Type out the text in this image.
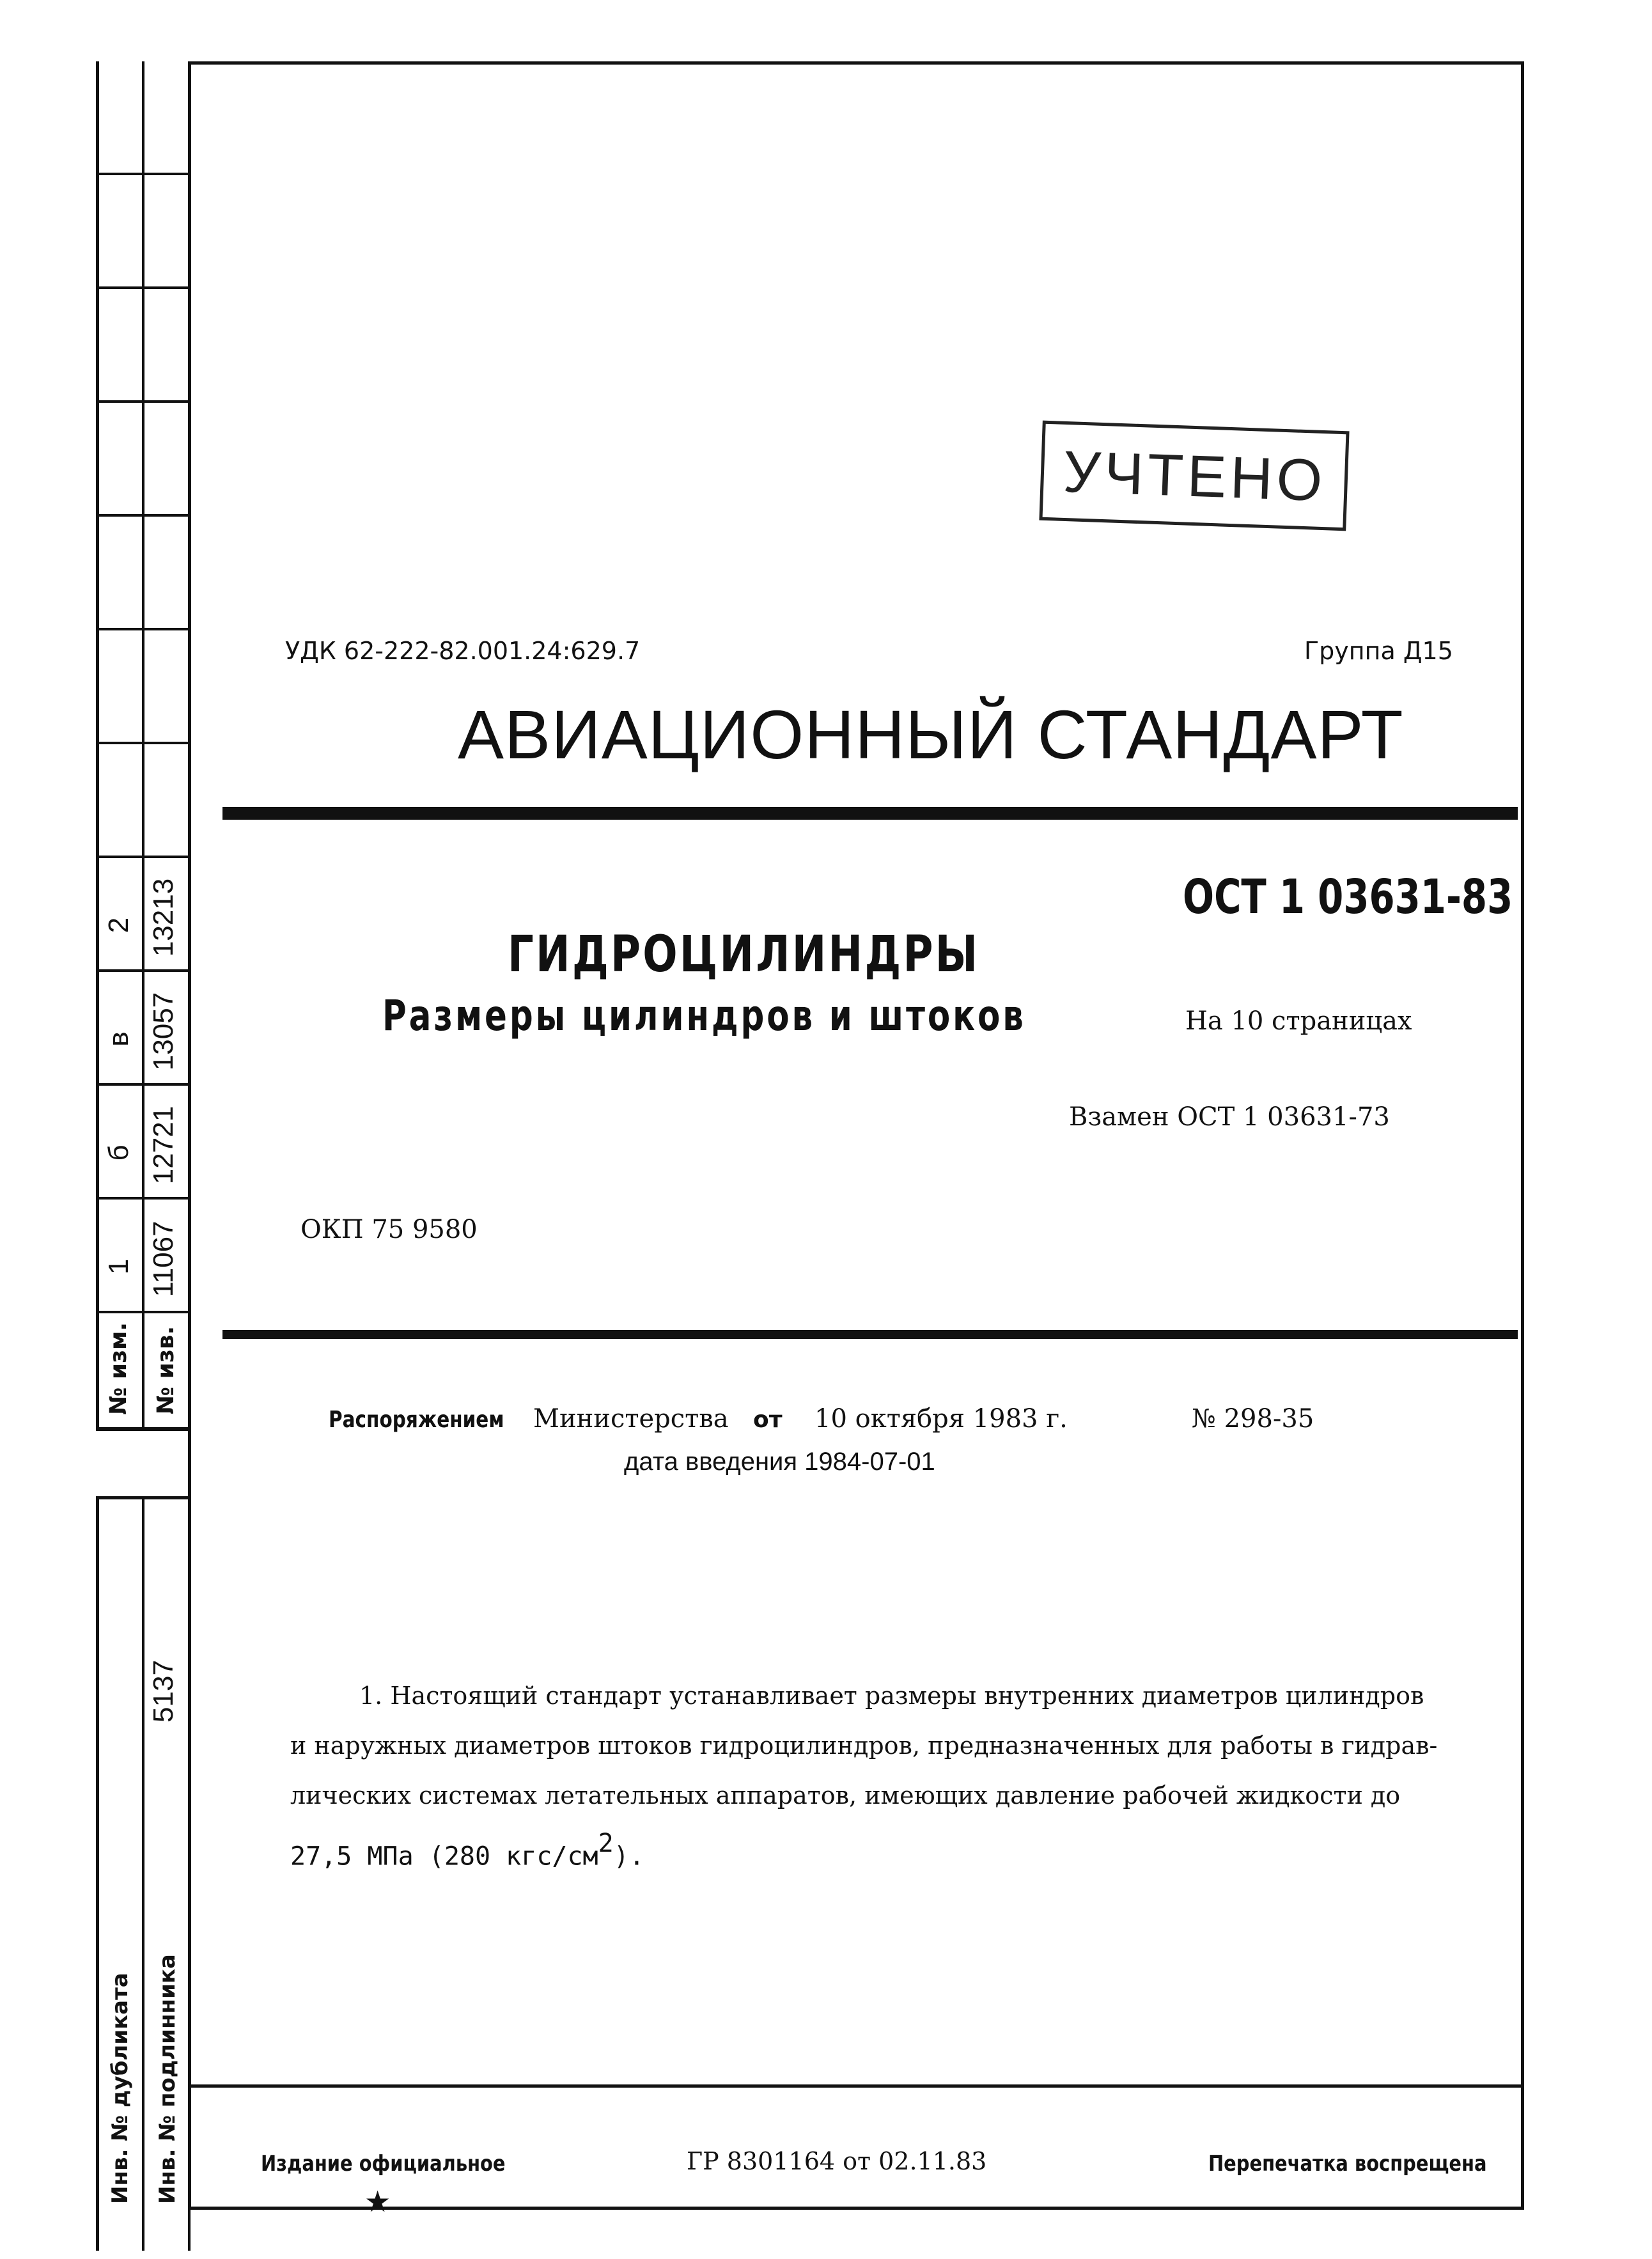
2 13213
в 13057
б 12721
1 11067
№ изм. № изв.
5137
Инв. № дубликата	Инв. № подлинника
УЧТЕНО
УДК 62-222-82.001.24:629.7	Группа Д15
АВИАЦИОННЫЙ СТАНДАРТ
ОСТ 1 03631-83
ГИДРОЦИЛИНДРЫ
Размеры цилиндров и штоков	На 10 страницах
Взамен ОСТ 1 03631-73
ОКП 75 9580
Распоряжением Министерства от 10 октября 1983 г.	№ 298-35
дата введения 1984-07-01
1. Настоящий стандарт устанавливает размеры внутренних диаметров цилиндров
и наружных диаметров штоков гидроцилиндров, предназначенных для работы в гидрав-
лических системах летательных аппаратов, имеющих давление рабочей жидкости до
27,5 МПа (280 кгс/$см^2$).
Издание официальное	ГР 8301164 от 02.11.83	Перепечатка воспрещена
★
